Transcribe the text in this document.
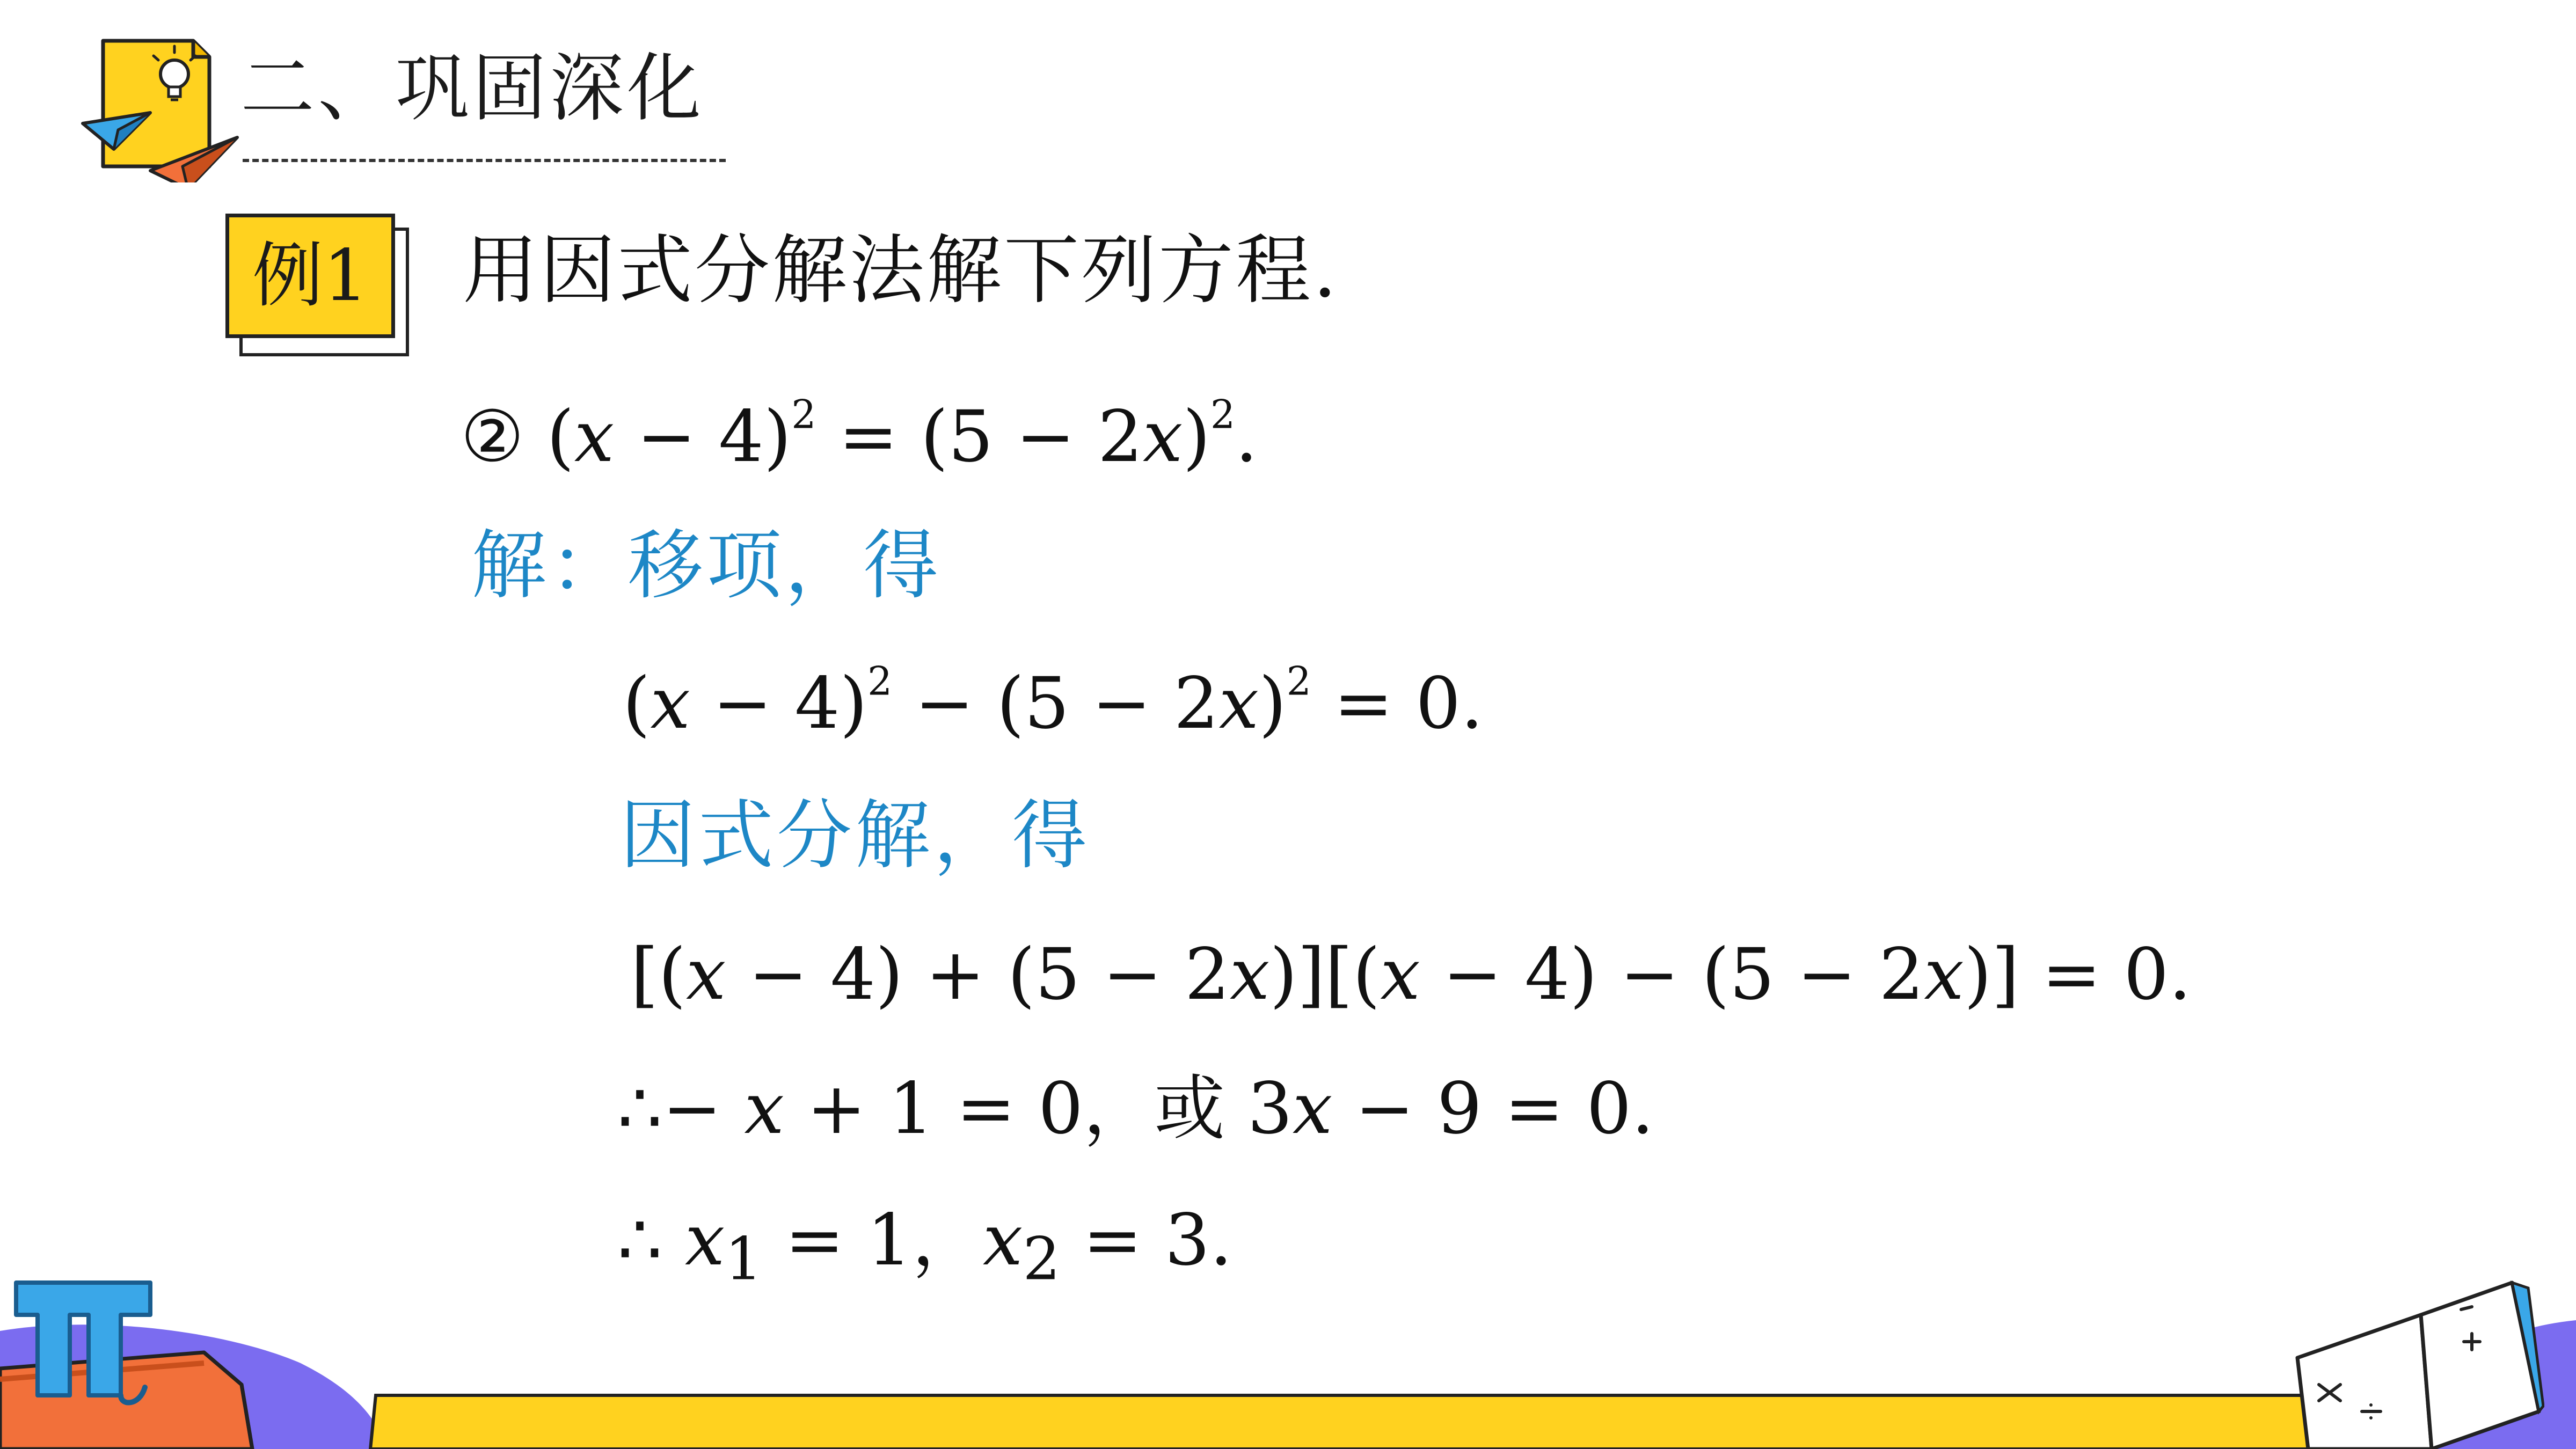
二、巩固深化
例1	用因式分解法解下列方程.
② $(x - 4)^2 = (5 - 2x)^2$.
解：移项，得
$(x - 4)^2 - (5 - 2x)^2 = 0$.
因式分解，得
[(x − 4) + (5 − 2x)][(x − 4) − (5 − 2x)] = 0.
∴− x + 1 = 0，或 3x − 9 = 0.
∴ $x_1 = 1$，$x_2 = 3$.
